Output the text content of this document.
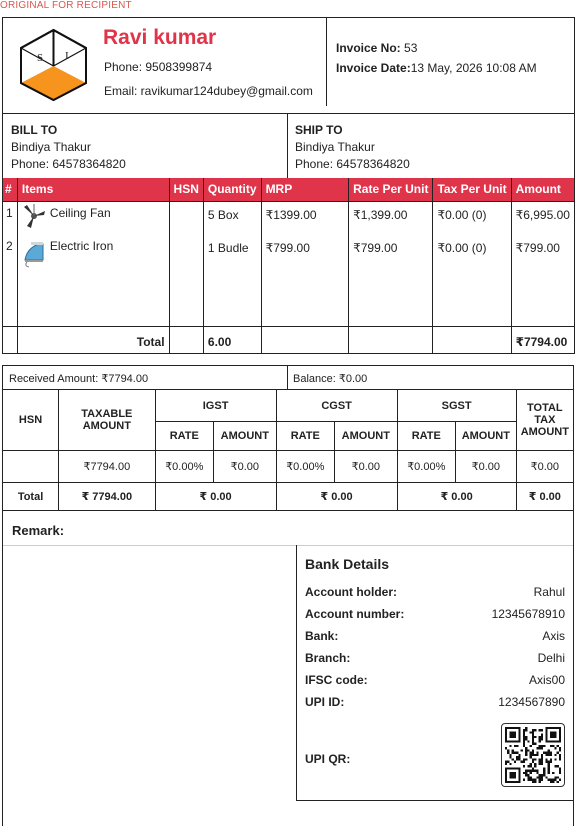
ORIGINAL FOR RECIPIENT
S I
Ravi kumar
Phone: 9508399874
Email: ravikumar124dubey@gmail.com
Invoice No: 53
Invoice Date:13 May, 2026 10:08 AM
BILL TO
Bindiya Thakur
Phone: 64578364820
SHIP TO
Bindiya Thakur
Phone: 64578364820
#	Items	HSN	Quantity	MRP	Rate Per Unit	Tax Per Unit	Amount
1	Ceiling Fan		5 Box	₹1399.00	₹1,399.00	₹0.00 (0)	₹6,995.00
2	Electric Iron		1 Budle	₹799.00	₹799.00	₹0.00 (0)	₹799.00
	Total		6.00				₹7794.00
Received Amount: ₹7794.00	Balance: ₹0.00
HSN	TAXABLE AMOUNT	IGST		CGST		SGST		TOTAL TAX AMOUNT
		RATE	AMOUNT	RATE	AMOUNT	RATE	AMOUNT	
	₹7794.00	₹0.00%	₹0.00	₹0.00%	₹0.00	₹0.00%	₹0.00	₹0.00
Total	₹ 7794.00	₹ 0.00		₹ 0.00		₹ 0.00		₹ 0.00
Remark:
Bank Details
Account holder:	Rahul
Account number:	12345678910
Bank:	Axis
Branch:	Delhi
IFSC code:	Axis00
UPI ID:	1234567890
UPI QR:
